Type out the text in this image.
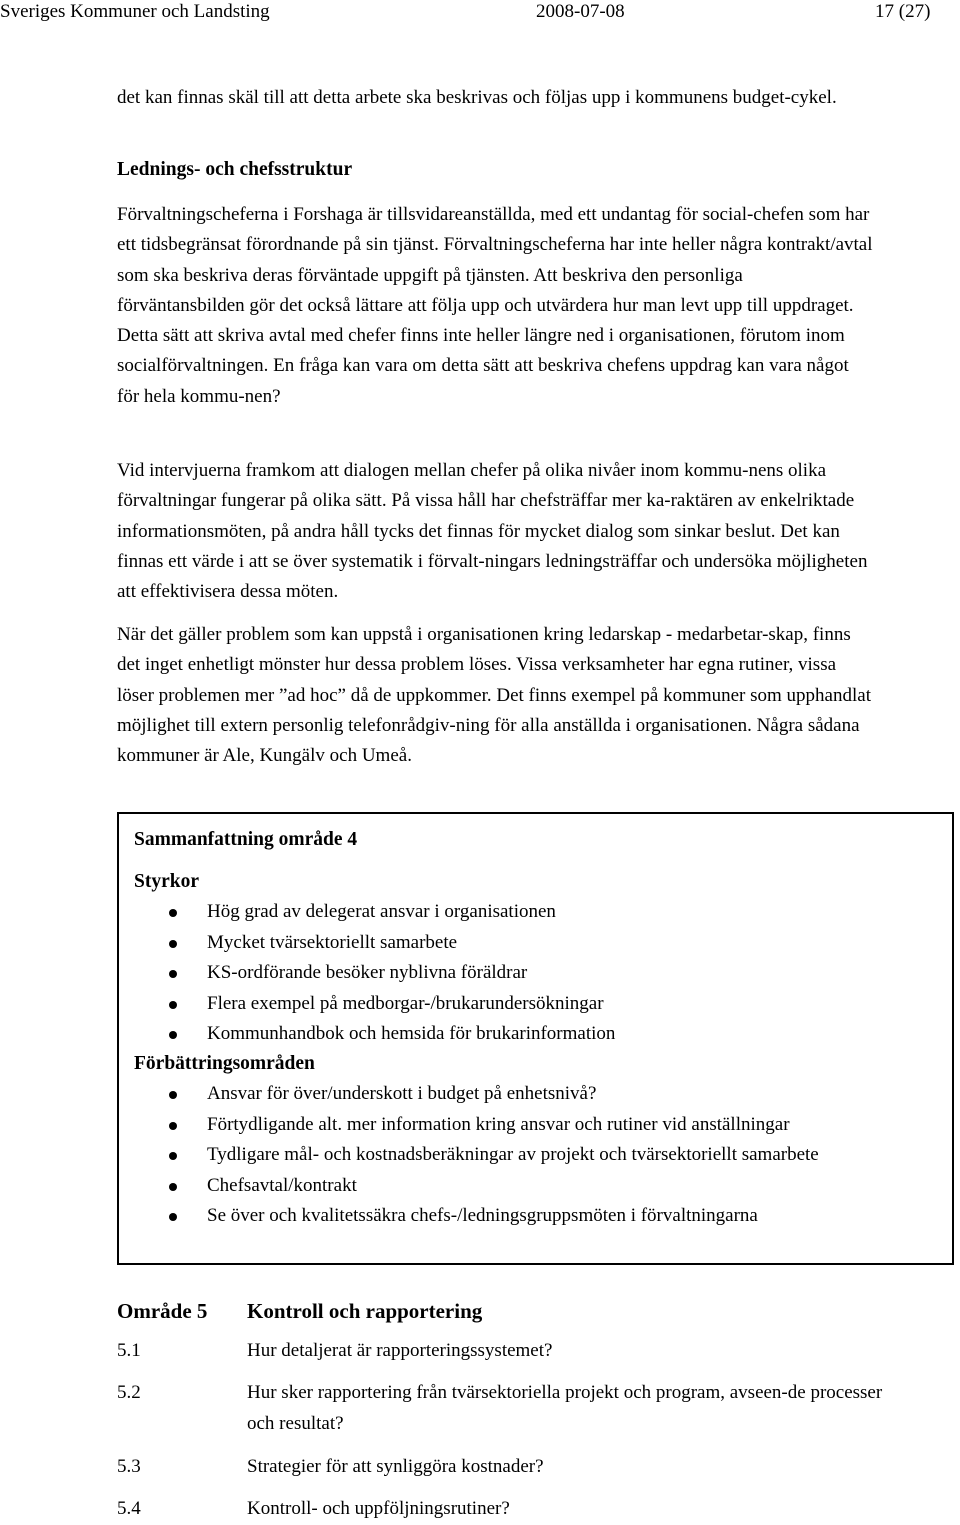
Sveriges Kommuner och Landsting	2008-07-08	17 (27)

det kan finnas skäl till att detta arbete ska beskrivas och följas upp i kommunens budget-cykel.

Lednings- och chefsstruktur

Förvaltningscheferna i Forshaga är tillsvidareanställda, med ett undantag för social-chefen som har ett tidsbegränsat förordnande på sin tjänst. Förvaltningscheferna har inte heller några kontrakt/avtal som ska beskriva deras förväntade uppgift på tjänsten. Att beskriva den personliga förväntansbilden gör det också lättare att följa upp och utvärdera hur man levt upp till uppdraget. Detta sätt att skriva avtal med chefer finns inte heller längre ned i organisationen, förutom inom socialförvaltningen. En fråga kan vara om detta sätt att beskriva chefens uppdrag kan vara något för hela kommu-nen?

Vid intervjuerna framkom att dialogen mellan chefer på olika nivåer inom kommu-nens olika förvaltningar fungerar på olika sätt. På vissa håll har chefsträffar mer ka-raktären av enkelriktade informationsmöten, på andra håll tycks det finnas för mycket dialog som sinkar beslut. Det kan finnas ett värde i att se över systematik i förvalt-ningars ledningsträffar och undersöka möjligheten att effektivisera dessa möten.

När det gäller problem som kan uppstå i organisationen kring ledarskap - medarbetar-skap, finns det inget enhetligt mönster hur dessa problem löses. Vissa verksamheter har egna rutiner, vissa löser problemen mer ”ad hoc” då de uppkommer. Det finns exempel på kommuner som upphandlat möjlighet till extern personlig telefonrådgiv-ning för alla anställda i organisationen. Några sådana kommuner är Ale, Kungälv och Umeå.

Sammanfattning område 4
Styrkor
Hög grad av delegerat ansvar i organisationen
Mycket tvärsektoriellt samarbete
KS-ordförande besöker nyblivna föräldrar
Flera exempel på medborgar-/brukarundersökningar
Kommunhandbok och hemsida för brukarinformation
Förbättringsområden
Ansvar för över/underskott i budget på enhetsnivå?
Förtydligande alt. mer information kring ansvar och rutiner vid anställningar
Tydligare mål- och kostnadsberäkningar av projekt och tvärsektoriellt samarbete
Chefsavtal/kontrakt
Se över och kvalitetssäkra chefs-/ledningsgruppsmöten i förvaltningarna
Område 5 Kontroll och rapportering
5.1	Hur detaljerat är rapporteringssystemet?
5.2	Hur sker rapportering från tvärsektoriella projekt och program, avseen-de processer och resultat?
5.3	Strategier för att synliggöra kostnader?
5.4	Kontroll- och uppföljningsrutiner?
